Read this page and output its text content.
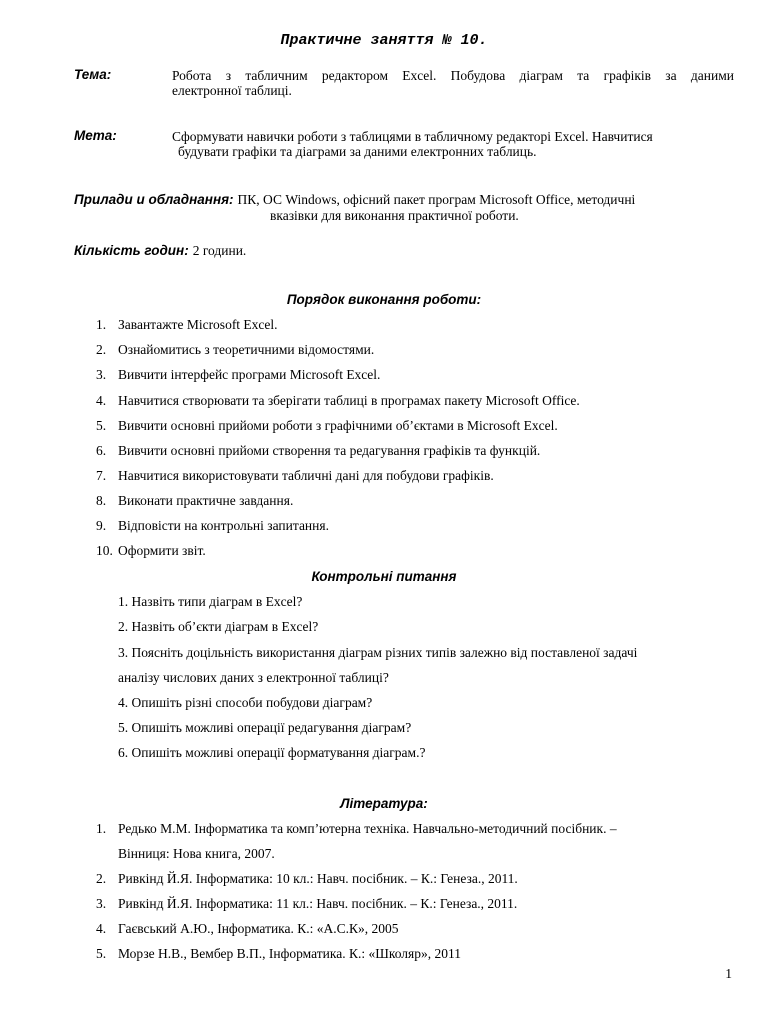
Практичне заняття № 10.
Тема:	Робота з табличним редактором Excel. Побудова діаграм та графіків за даними
електронної таблиці.
Мета:	Сформувати навички роботи з таблицями в табличному редакторі Excel. Навчитися
будувати графіки та діаграми за даними електронних таблиць.
Прилади и обладнання: ПК, ОС Windows, офісний пакет програм Microsoft Office, методичні
вказівки для виконання практичної роботи.
Кількість годин: 2 години.
Порядок виконання роботи:
1. Завантажте Microsoft Excel.
2. Ознайомитись з теоретичними відомостями.
3. Вивчити інтерфейс програми Microsoft Excel.
4. Навчитися створювати та зберігати таблиці в програмах пакету Microsoft Office.
5. Вивчити основні прийоми роботи з графічними об’єктами в Microsoft Excel.
6. Вивчити основні прийоми створення та редагування графіків та функцій.
7. Навчитися використовувати табличні дані для побудови графіків.
8. Виконати практичне завдання.
9. Відповісти на контрольні запитання.
10. Оформити звіт.
Контрольні питання
1. Назвіть типи діаграм в Excel?
2. Назвіть об’єкти діаграм в Excel?
3. Поясніть доцільність використання діаграм різних типів залежно від поставленої задачі
аналізу числових даних з електронної таблиці?
4. Опишіть різні способи побудови діаграм?
5. Опишіть можливі операції редагування діаграм?
6. Опишіть можливі операції форматування діаграм.?
Література:
1. Редько М.М. Інформатика та комп’ютерна техніка. Навчально-методичний посібник. –
Вінниця: Нова книга, 2007.
2. Ривкінд Й.Я. Інформатика: 10 кл.: Навч. посібник. – К.: Генеза., 2011.
3. Ривкінд Й.Я. Інформатика: 11 кл.: Навч. посібник. – К.: Генеза., 2011.
4. Гаєвський А.Ю., Інформатика. К.: «А.С.К», 2005
5. Морзе Н.В., Вембер В.П., Інформатика. К.: «Школяр», 2011
1
